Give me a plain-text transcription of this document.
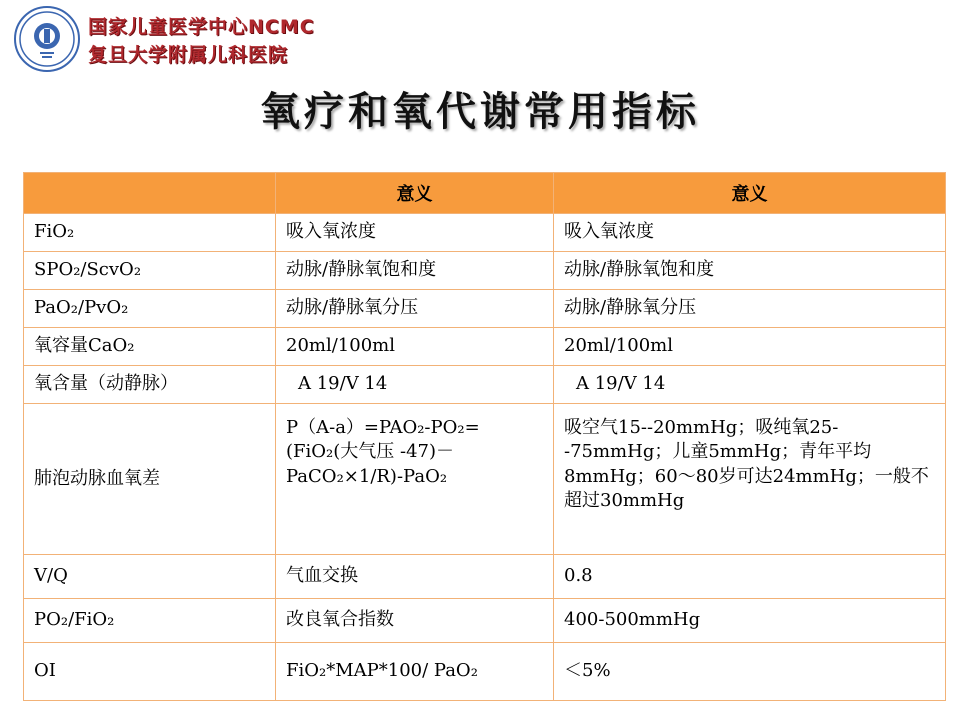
国家儿童医学中心NCMC
复旦大学附属儿科医院
氧疗和氧代谢常用指标
	意义	意义
FiO₂	吸入氧浓度	吸入氧浓度
SPO₂/ScvO₂	动脉/静脉氧饱和度	动脉/静脉氧饱和度
PaO₂/PvO₂	动脉/静脉氧分压	动脉/静脉氧分压
氧容量CaO₂	20ml/100ml	20ml/100ml
氧含量（动静脉）	A 19/V 14	A 19/V 14
肺泡动脉血氧差	P（A-a）=PAO₂-PO₂=(FiO₂(大气压 -47)－PaCO₂×1/R)-PaO₂	吸空气15--20mmHg；吸纯氧25--75mmHg；儿童5mmHg；青年平均8mmHg；60～80岁可达24mmHg；一般不超过30mmHg
V/Q	气血交换	0.8
PO₂/FiO₂	改良氧合指数	400-500mmHg
OI	FiO₂*MAP*100/ PaO₂	＜5%
